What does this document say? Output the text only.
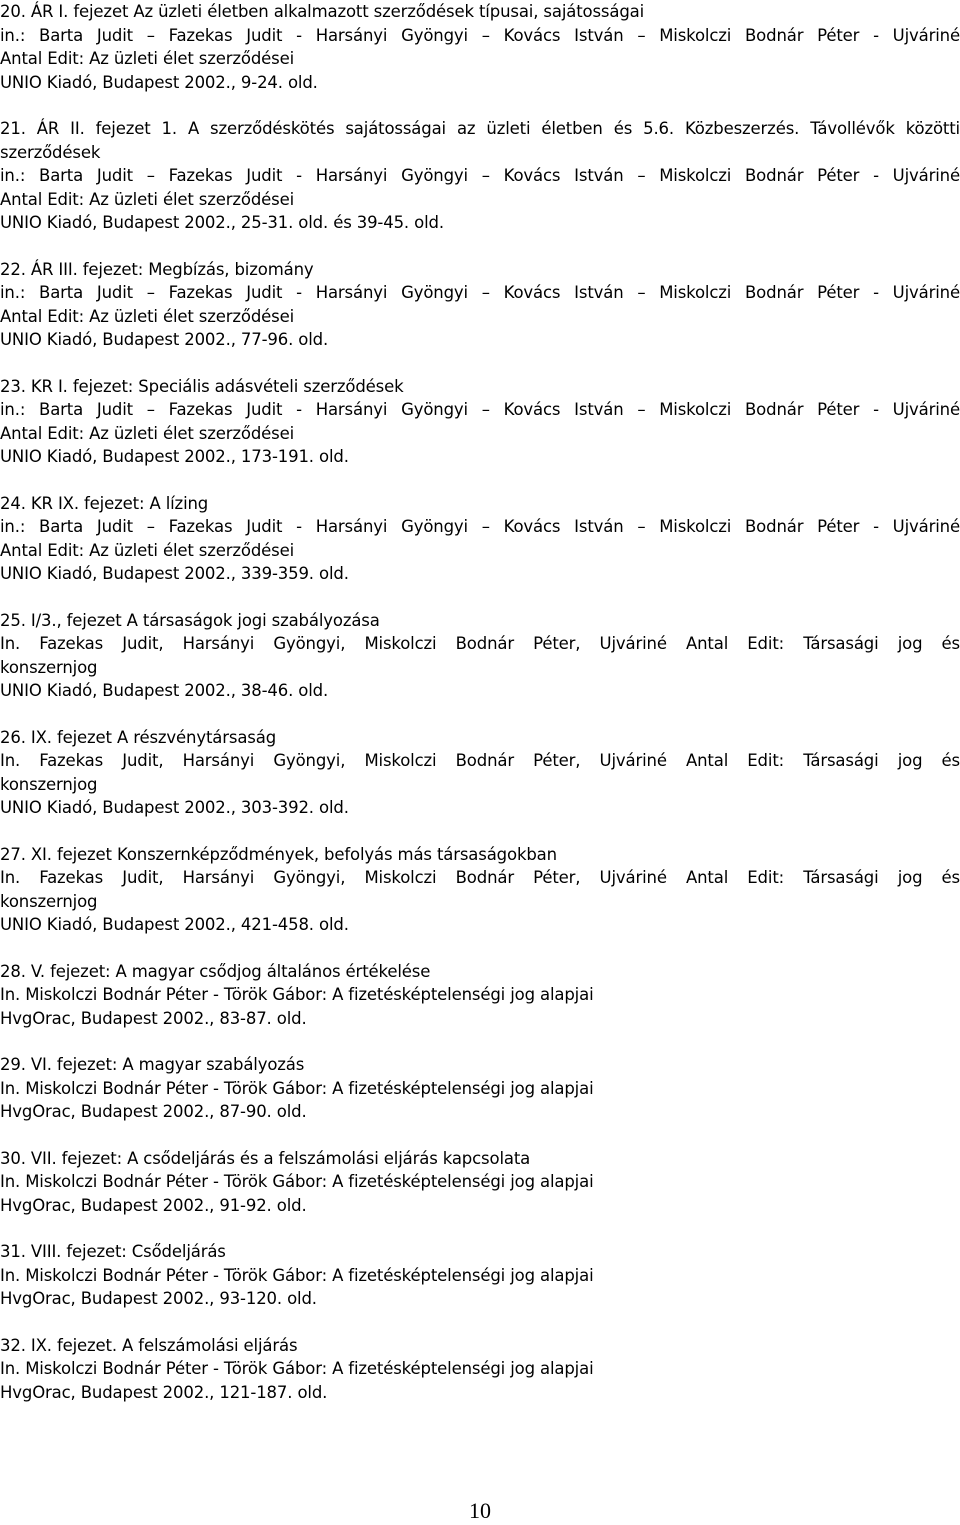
20. ÁR I. fejezet Az üzleti életben alkalmazott szerződések típusai, sajátosságai

in.: Barta Judit – Fazekas Judit - Harsányi Gyöngyi – Kovács István – Miskolczi Bodnár Péter - Ujváriné

Antal Edit: Az üzleti élet szerződései

UNIO Kiadó, Budapest 2002., 9-24. old.

21. ÁR II. fejezet 1. A szerződéskötés sajátosságai az üzleti életben és 5.6. Közbeszerzés. Távollévők közötti

szerződések

in.: Barta Judit – Fazekas Judit - Harsányi Gyöngyi – Kovács István – Miskolczi Bodnár Péter - Ujváriné

Antal Edit: Az üzleti élet szerződései

UNIO Kiadó, Budapest 2002., 25-31. old. és 39-45. old.

22. ÁR III. fejezet: Megbízás, bizomány

in.: Barta Judit – Fazekas Judit - Harsányi Gyöngyi – Kovács István – Miskolczi Bodnár Péter - Ujváriné

Antal Edit: Az üzleti élet szerződései

UNIO Kiadó, Budapest 2002., 77-96. old.

23. KR I. fejezet: Speciális adásvételi szerződések

in.: Barta Judit – Fazekas Judit - Harsányi Gyöngyi – Kovács István – Miskolczi Bodnár Péter - Ujváriné

Antal Edit: Az üzleti élet szerződései

UNIO Kiadó, Budapest 2002., 173-191. old.

24. KR IX. fejezet: A lízing

in.: Barta Judit – Fazekas Judit - Harsányi Gyöngyi – Kovács István – Miskolczi Bodnár Péter - Ujváriné

Antal Edit: Az üzleti élet szerződései

UNIO Kiadó, Budapest 2002., 339-359. old.

25. I/3., fejezet A társaságok jogi szabályozása

In. Fazekas Judit, Harsányi Gyöngyi, Miskolczi Bodnár Péter, Ujváriné Antal Edit: Társasági jog és

konszernjog

UNIO Kiadó, Budapest 2002., 38-46. old.

26. IX. fejezet A részvénytársaság

In. Fazekas Judit, Harsányi Gyöngyi, Miskolczi Bodnár Péter, Ujváriné Antal Edit: Társasági jog és

konszernjog

UNIO Kiadó, Budapest 2002., 303-392. old.

27. XI. fejezet Konszernképződmények, befolyás más társaságokban

In. Fazekas Judit, Harsányi Gyöngyi, Miskolczi Bodnár Péter, Ujváriné Antal Edit: Társasági jog és

konszernjog

UNIO Kiadó, Budapest 2002., 421-458. old.

28. V. fejezet: A magyar csődjog általános értékelése

In. Miskolczi Bodnár Péter - Török Gábor: A fizetésképtelenségi jog alapjai

HvgOrac, Budapest 2002., 83-87. old.

29. VI. fejezet: A magyar szabályozás

In. Miskolczi Bodnár Péter - Török Gábor: A fizetésképtelenségi jog alapjai

HvgOrac, Budapest 2002., 87-90. old.

30. VII. fejezet: A csődeljárás és a felszámolási eljárás kapcsolata

In. Miskolczi Bodnár Péter - Török Gábor: A fizetésképtelenségi jog alapjai

HvgOrac, Budapest 2002., 91-92. old.

31. VIII. fejezet: Csődeljárás

In. Miskolczi Bodnár Péter - Török Gábor: A fizetésképtelenségi jog alapjai

HvgOrac, Budapest 2002., 93-120. old.

32. IX. fejezet. A felszámolási eljárás

In. Miskolczi Bodnár Péter - Török Gábor: A fizetésképtelenségi jog alapjai

HvgOrac, Budapest 2002., 121-187. old.

10
